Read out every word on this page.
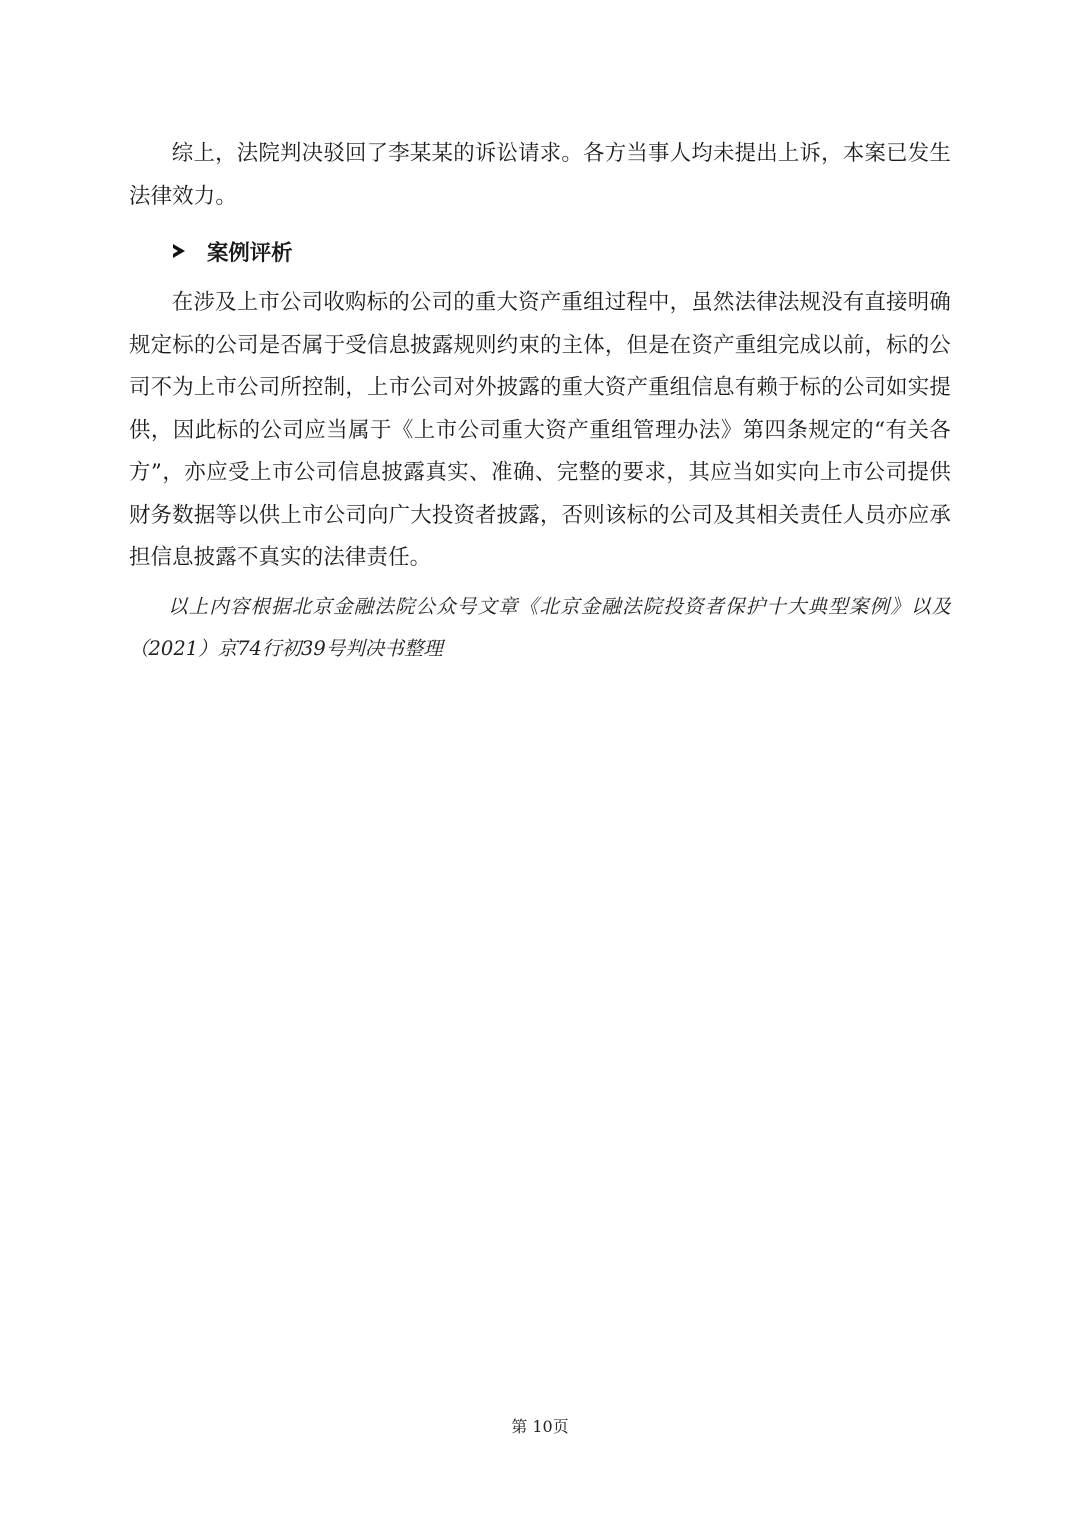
综上，法院判决驳回了李某某的诉讼请求。各方当事人均未提出上诉，本案已发生法律效力。

案例评析

在涉及上市公司收购标的公司的重大资产重组过程中，虽然法律法规没有直接明确规定标的公司是否属于受信息披露规则约束的主体，但是在资产重组完成以前，标的公司不为上市公司所控制，上市公司对外披露的重大资产重组信息有赖于标的公司如实提供，因此标的公司应当属于《上市公司重大资产重组管理办法》第四条规定的“有关各方”，亦应受上市公司信息披露真实、准确、完整的要求，其应当如实向上市公司提供财务数据等以供上市公司向广大投资者披露，否则该标的公司及其相关责任人员亦应承担信息披露不真实的法律责任。

以上内容根据北京金融法院公众号文章《北京金融法院投资者保护十大典型案例》以及（2021）京74行初39号判决书整理

第 10页
